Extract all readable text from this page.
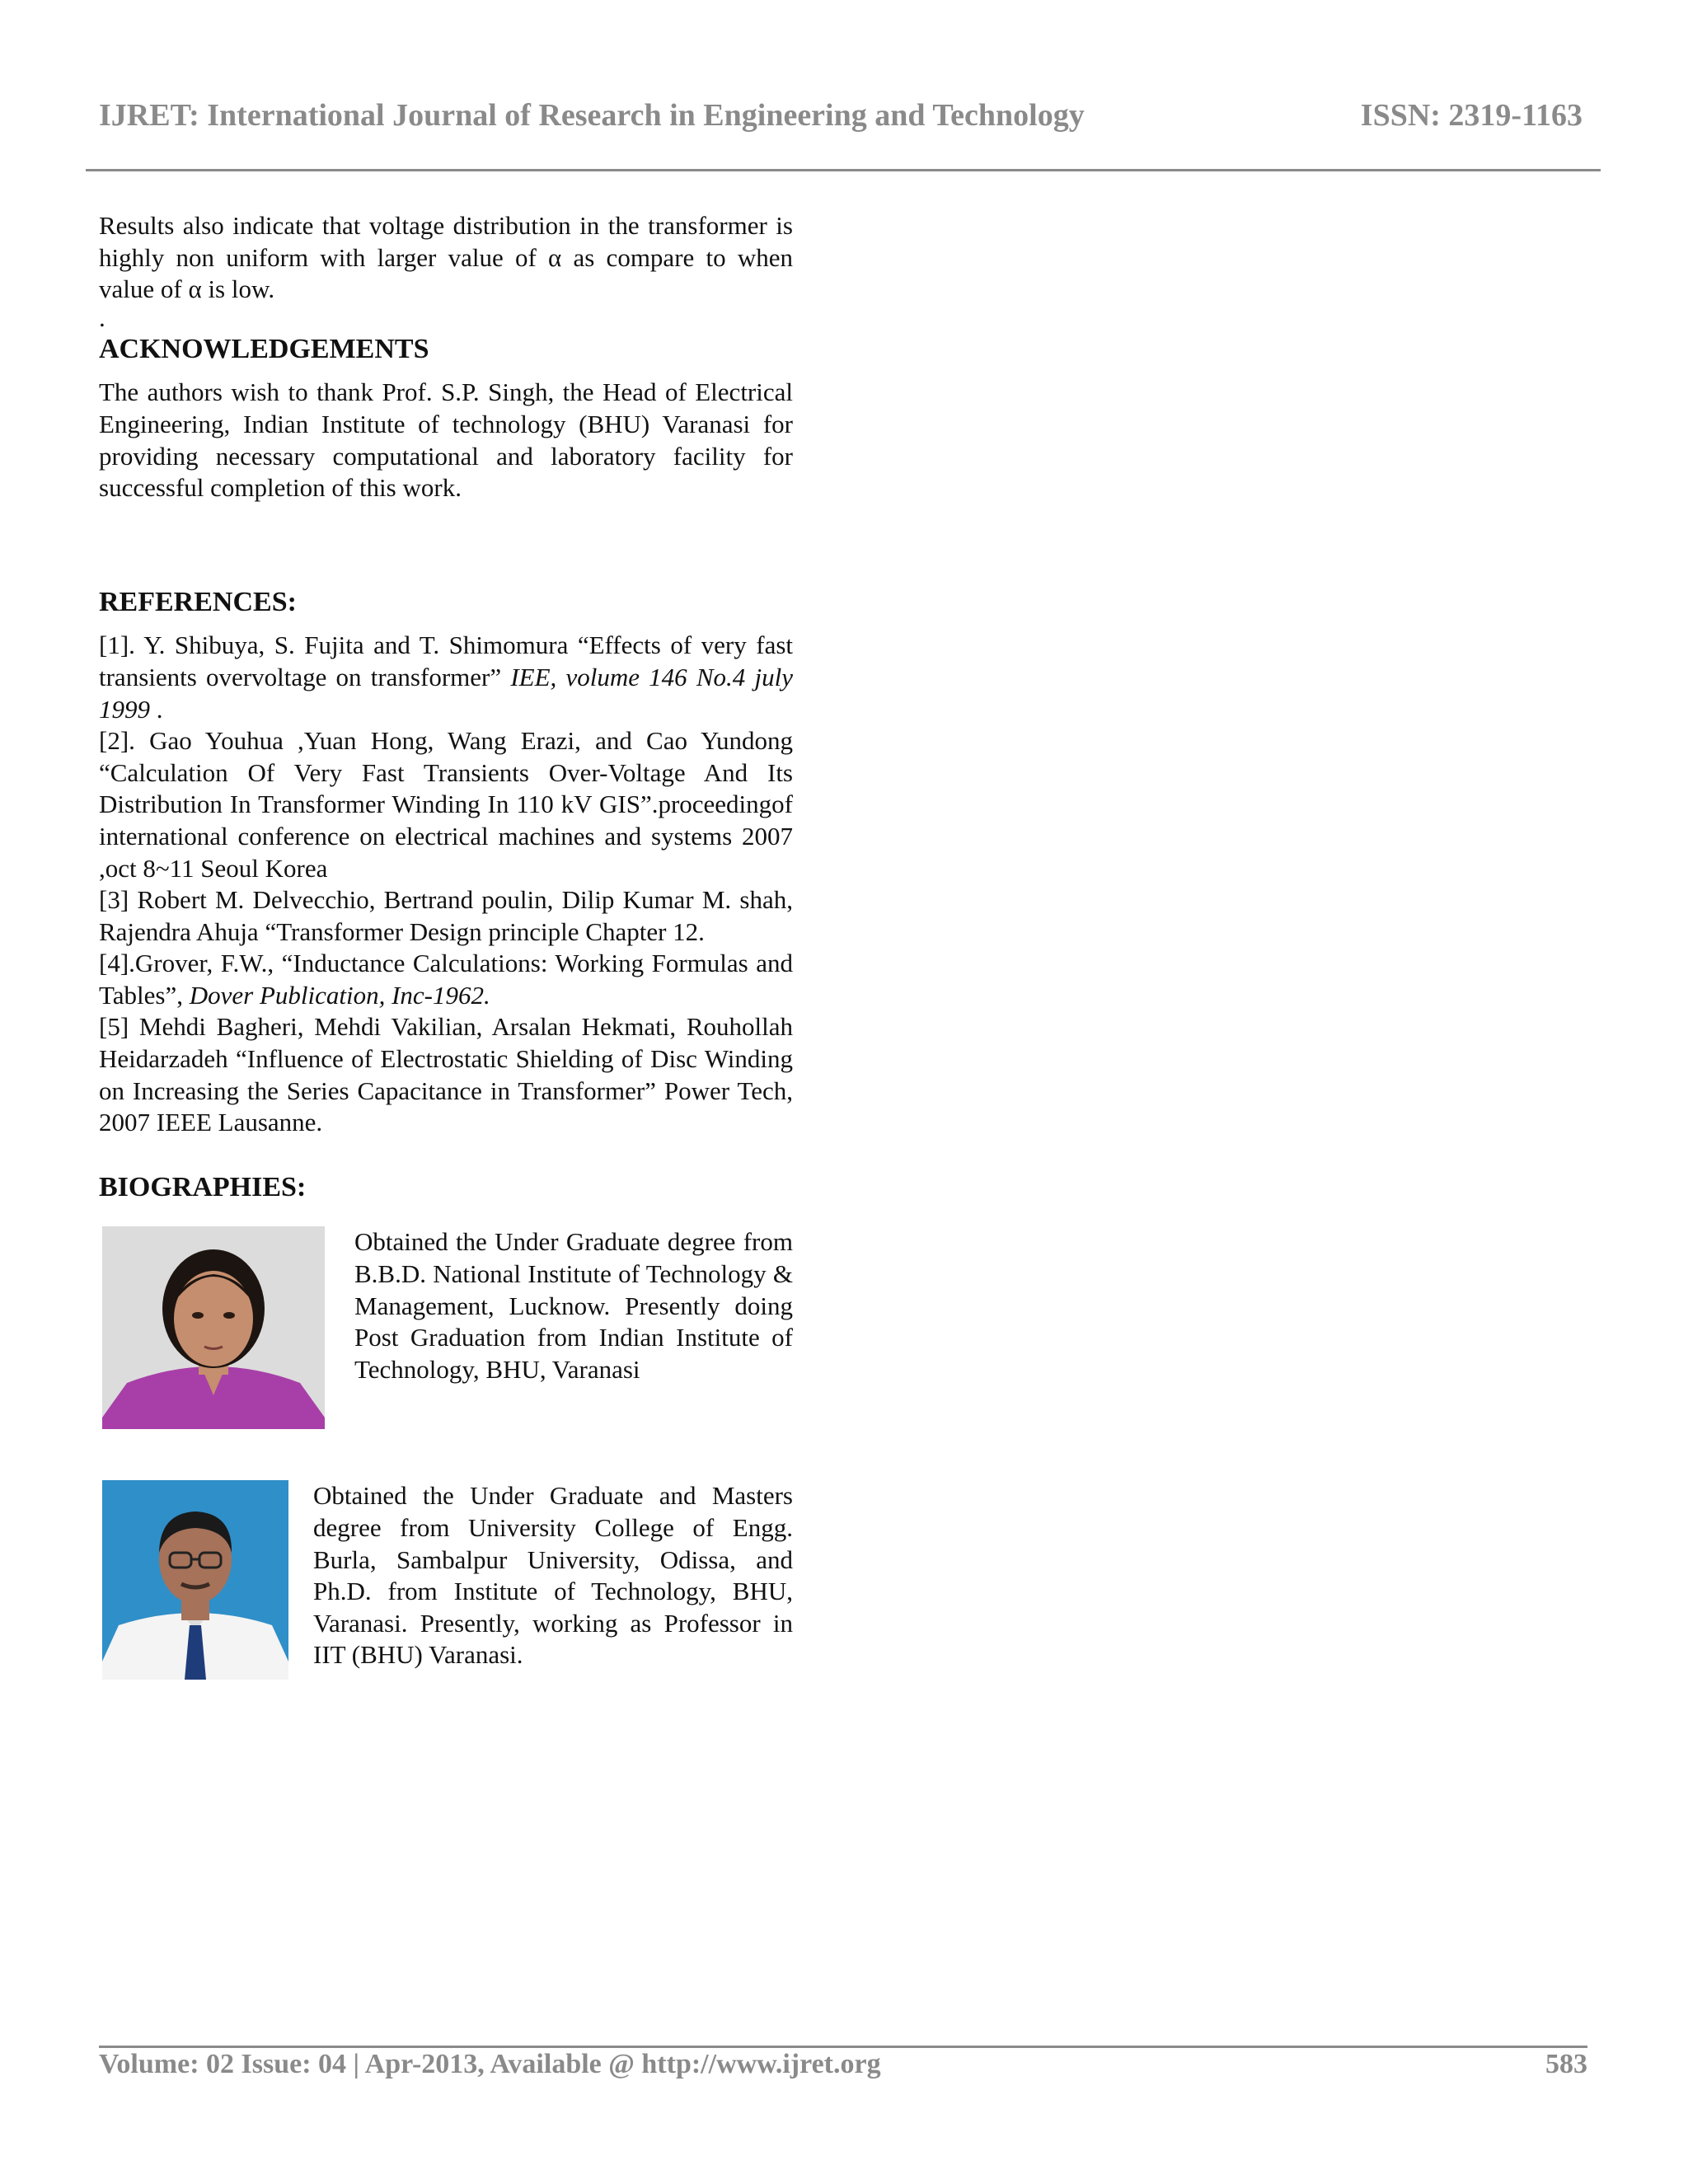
IJRET: International Journal of Research in Engineering and Technology	ISSN: 2319-1163

Results also indicate that voltage distribution in the transformer is highly non uniform with larger value of α as compare to when value of α is low.

.

ACKNOWLEDGEMENTS

The authors wish to thank Prof. S.P. Singh, the Head of Electrical Engineering, Indian Institute of technology (BHU) Varanasi for providing necessary computational and laboratory facility for successful completion of this work.

REFERENCES:

[1]. Y. Shibuya, S. Fujita and T. Shimomura “Effects of very fast transients overvoltage on transformer” IEE, volume 146 No.4 july 1999 .

[2]. Gao Youhua ,Yuan Hong, Wang Erazi, and Cao Yundong “Calculation Of Very Fast Transients Over-Voltage And Its Distribution In Transformer Winding In 110 kV GIS”.proceedingof international conference on electrical machines and systems 2007 ,oct 8~11 Seoul Korea

[3] Robert M. Delvecchio, Bertrand poulin, Dilip Kumar M. shah, Rajendra Ahuja “Transformer Design principle Chapter 12.

[4].Grover, F.W., “Inductance Calculations: Working Formulas and Tables”, Dover Publication, Inc-1962.

[5] Mehdi Bagheri, Mehdi Vakilian, Arsalan Hekmati, Rouhollah Heidarzadeh “Influence of Electrostatic Shielding of Disc Winding on Increasing the Series Capacitance in Transformer” Power Tech, 2007 IEEE Lausanne.

BIOGRAPHIES:
Obtained the Under Graduate degree from B.B.D. National Institute of Technology & Management, Lucknow. Presently doing Post Graduation from Indian Institute of Technology, BHU, Varanasi
Obtained the Under Graduate and Masters degree from University College of Engg. Burla, Sambalpur University, Odissa, and Ph.D. from Institute of Technology, BHU, Varanasi. Presently, working as Professor in IIT (BHU) Varanasi.
Volume: 02 Issue: 04 | Apr-2013, Available @ http://www.ijret.org	583
